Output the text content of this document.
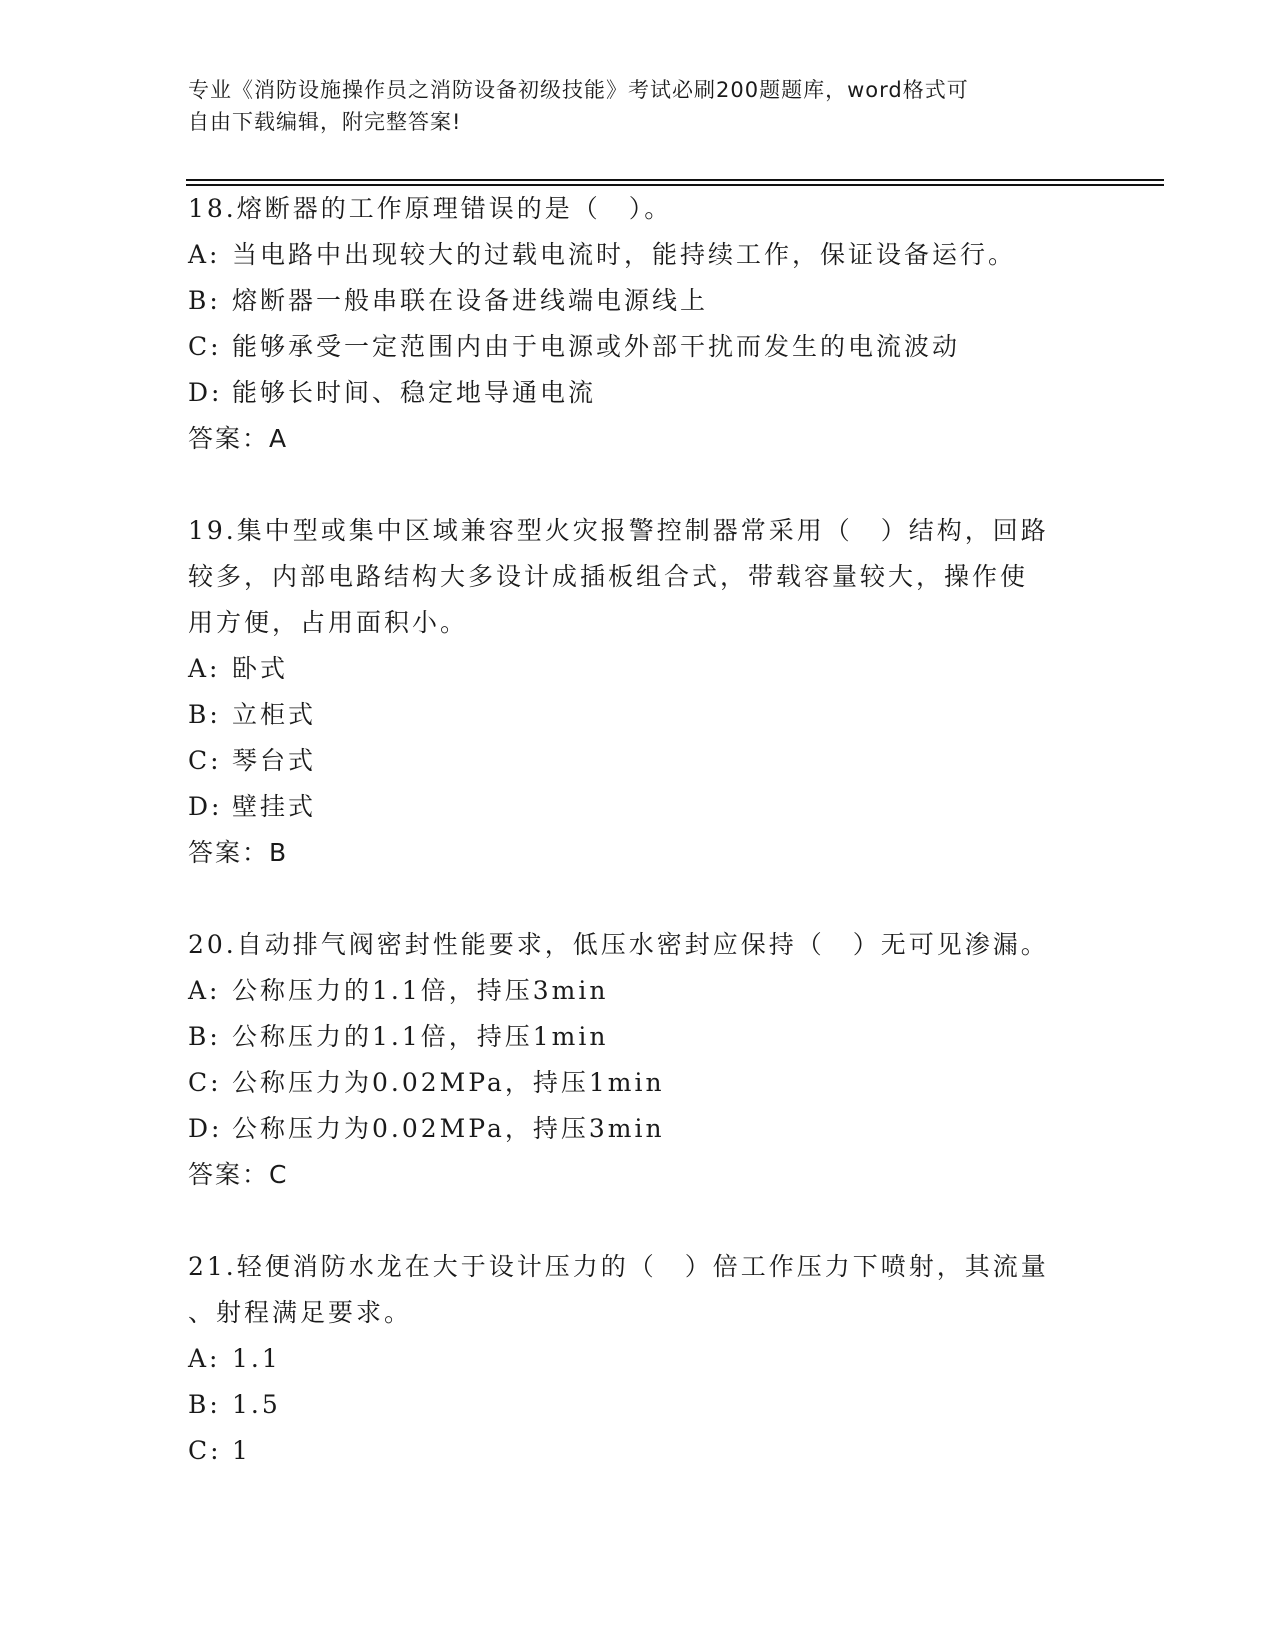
专业《消防设施操作员之消防设备初级技能》考试必刷200题题库，word格式可
自由下载编辑，附完整答案!
18.熔断器的工作原理错误的是（　）。
A: 当电路中出现较大的过载电流时，能持续工作，保证设备运行。
B: 熔断器一般串联在设备进线端电源线上
C: 能够承受一定范围内由于电源或外部干扰而发生的电流波动
D: 能够长时间、稳定地导通电流
答案：A
19.集中型或集中区域兼容型火灾报警控制器常采用（　）结构，回路
较多，内部电路结构大多设计成插板组合式，带载容量较大，操作使
用方便，占用面积小。
A: 卧式
B: 立柜式
C: 琴台式
D: 壁挂式
答案：B
20.自动排气阀密封性能要求，低压水密封应保持（　）无可见渗漏。
A: 公称压力的1.1倍，持压3min
B: 公称压力的1.1倍，持压1min
C: 公称压力为0.02MPa，持压1min
D: 公称压力为0.02MPa，持压3min
答案：C
21.轻便消防水龙在大于设计压力的（　）倍工作压力下喷射，其流量
、射程满足要求。
A: 1.1
B: 1.5
C: 1
